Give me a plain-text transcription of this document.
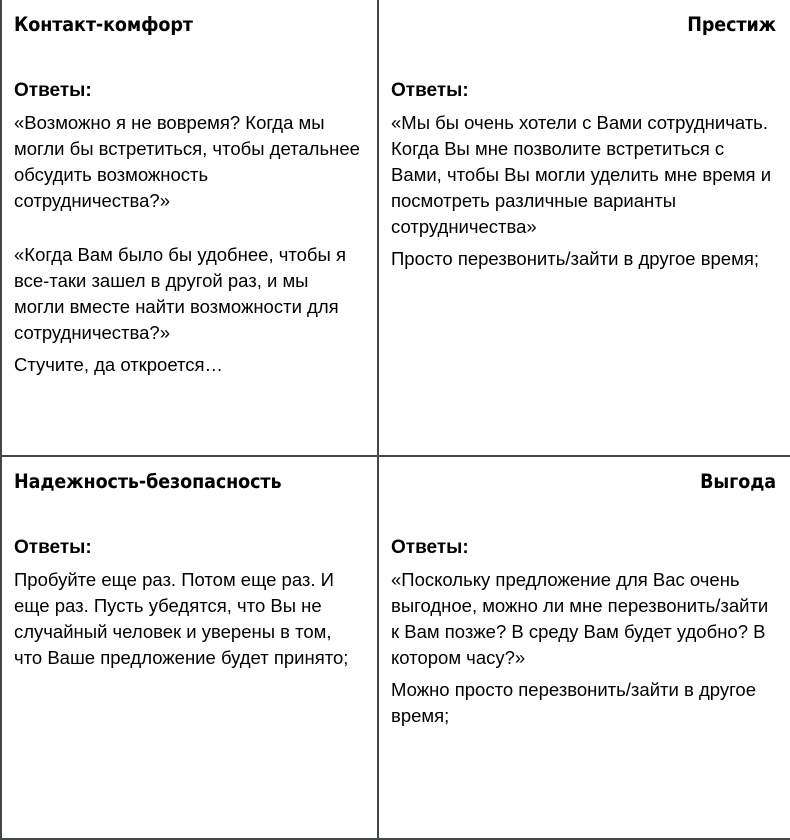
Контакт-комфорт
Ответы:

«Возможно я не вовремя? Когда мы могли бы встретиться, чтобы детальнее обсудить возможность сотрудничества?»

«Когда Вам было бы удобнее, чтобы я все-таки зашел в другой раз, и мы могли вместе найти возможности для сотрудничества?»

Стучите, да откроется…

Престиж
Ответы:

«Мы бы очень хотели с Вами сотрудничать. Когда Вы мне позволите встретиться с Вами, чтобы Вы могли уделить мне время и посмотреть различные варианты сотрудничества»

Просто перезвонить/зайти в другое время;

Надежность-безопасность
Ответы:

Пробуйте еще раз. Потом еще раз. И еще раз. Пусть убедятся, что Вы не случайный человек и уверены в том, что Ваше предложение будет принято;

Выгода
Ответы:

«Поскольку предложение для Вас очень выгодное, можно ли мне перезвонить/зайти к Вам позже? В среду Вам будет удобно? В котором часу?»

Можно просто перезвонить/зайти в другое время;
